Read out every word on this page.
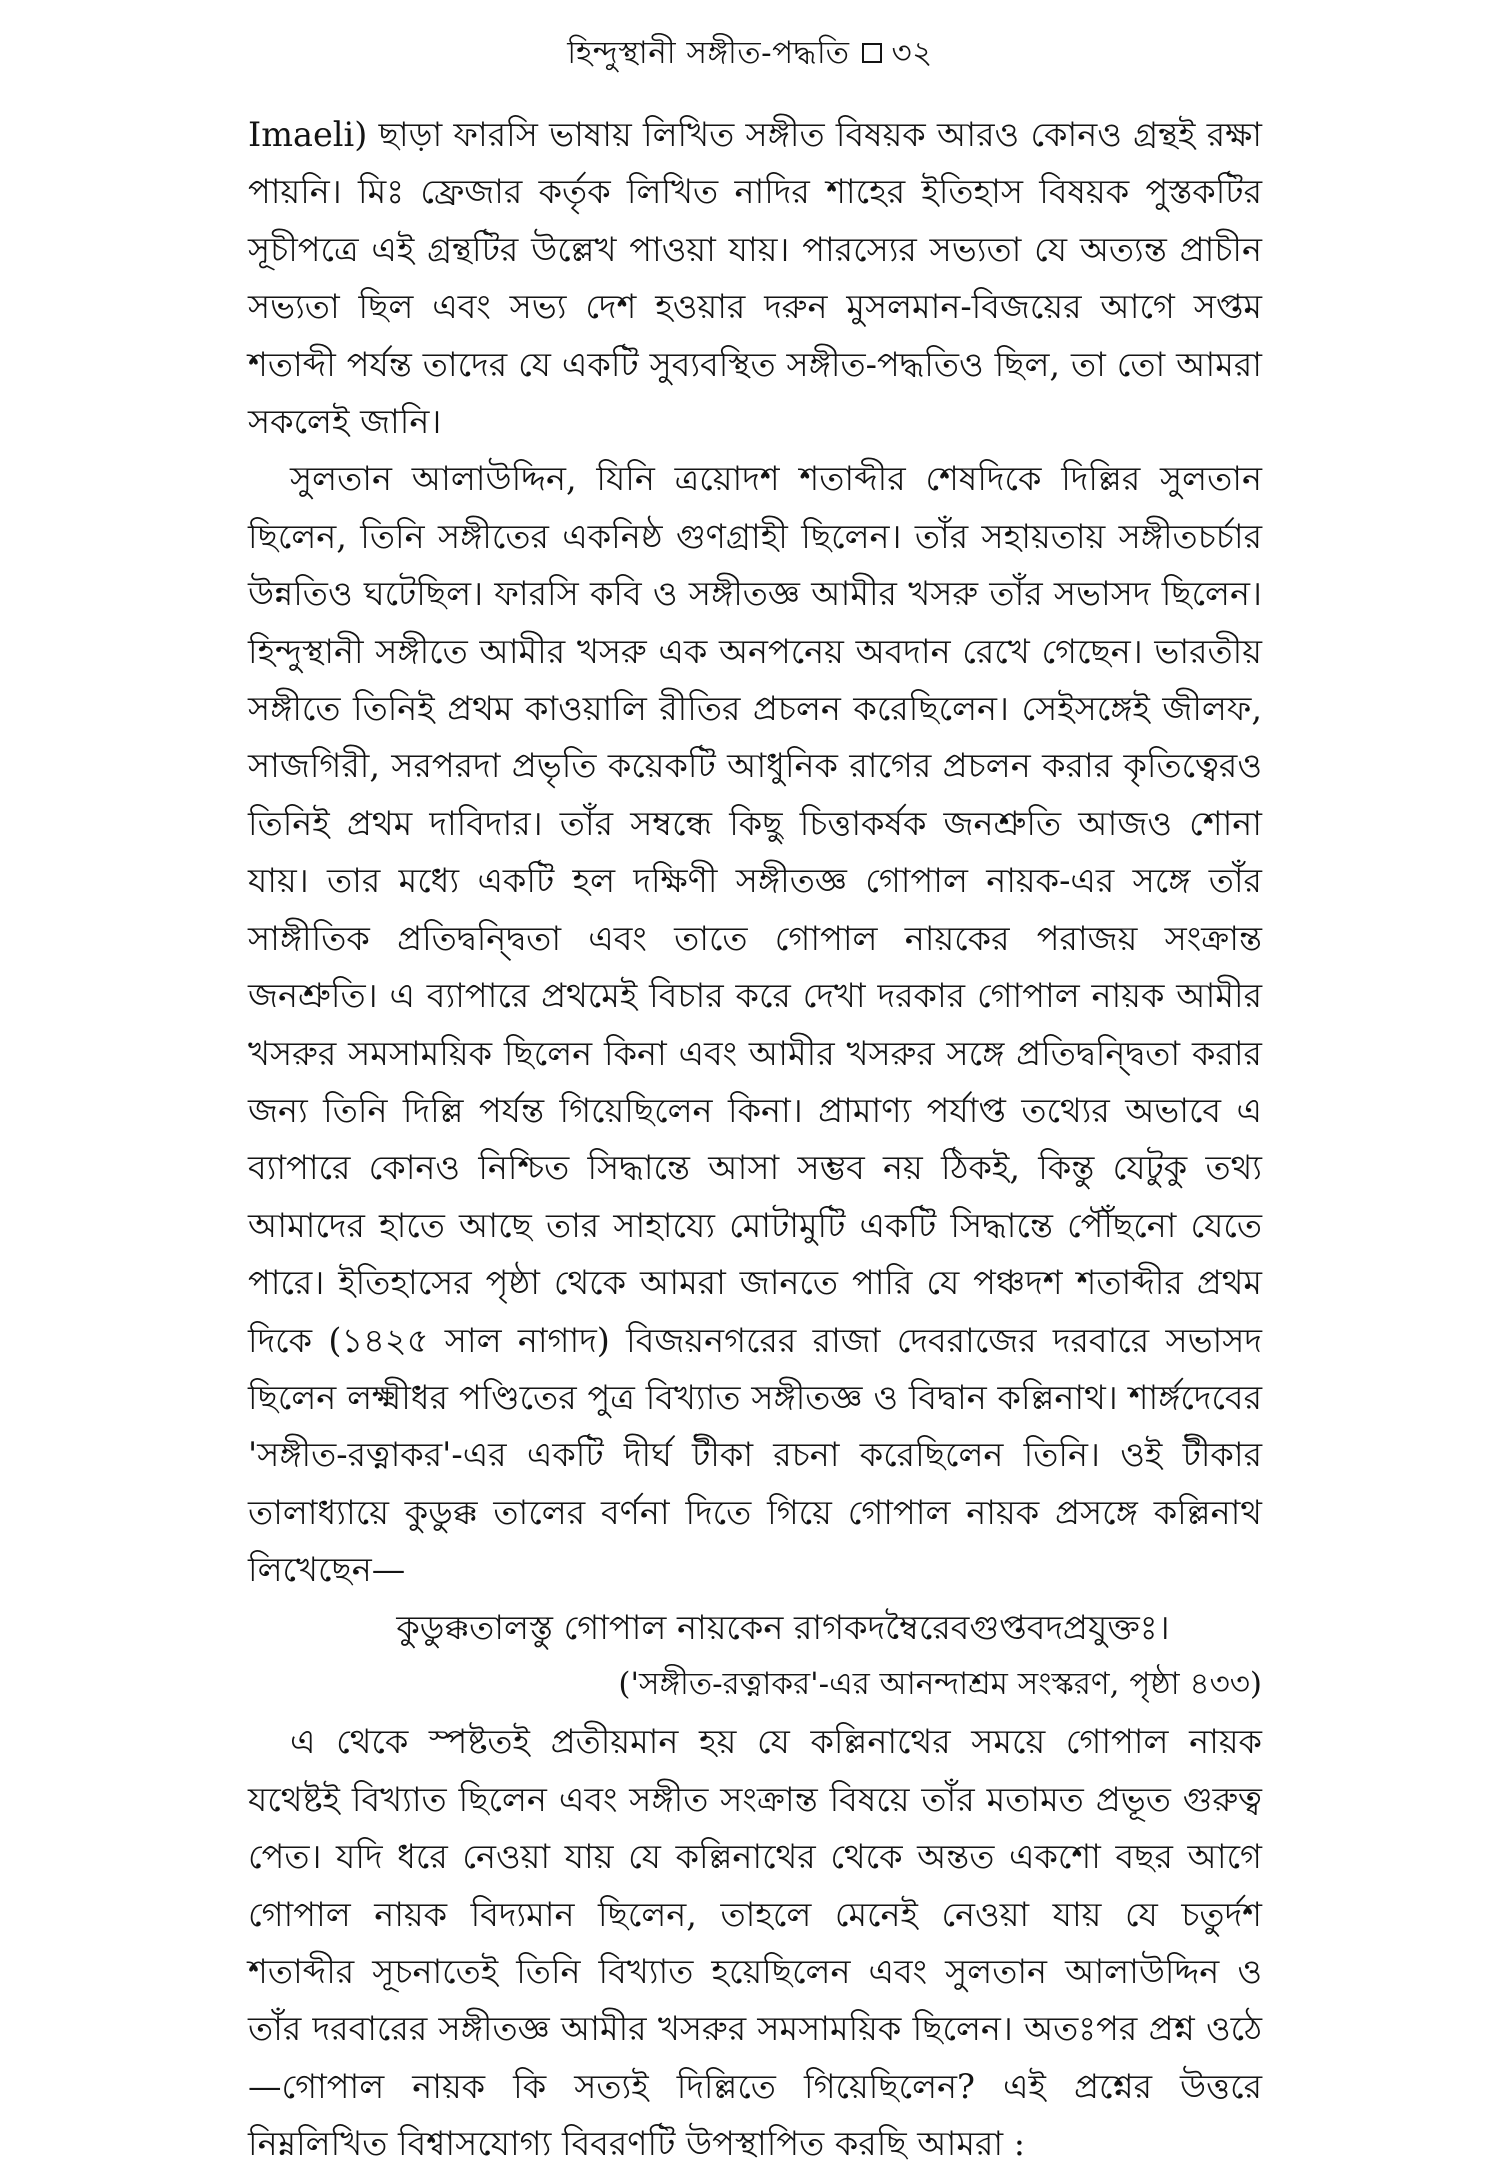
হিন্দুস্থানী সঙ্গীত-পদ্ধতি ৩২

Imaeli) ছাড়া ফারসি ভাষায় লিখিত সঙ্গীত বিষয়ক আরও কোনও গ্রন্থই রক্ষা পায়নি। মিঃ ফ্রেজার কর্তৃক লিখিত নাদির শাহের ইতিহাস বিষয়ক পুস্তকটির সূচীপত্রে এই গ্রন্থটির উল্লেখ পাওয়া যায়। পারস্যের সভ্যতা যে অত্যন্ত প্রাচীন সভ্যতা ছিল এবং সভ্য দেশ হওয়ার দরুন মুসলমান-বিজয়ের আগে সপ্তম শতাব্দী পর্যন্ত তাদের যে একটি সুব্যবস্থিত সঙ্গীত-পদ্ধতিও ছিল, তা তো আমরা সকলেই জানি।

সুলতান আলাউদ্দিন, যিনি ত্রয়োদশ শতাব্দীর শেষদিকে দিল্লির সুলতান ছিলেন, তিনি সঙ্গীতের একনিষ্ঠ গুণগ্রাহী ছিলেন। তাঁর সহায়তায় সঙ্গীতচর্চার উন্নতিও ঘটেছিল। ফারসি কবি ও সঙ্গীতজ্ঞ আমীর খসরু তাঁর সভাসদ ছিলেন। হিন্দুস্থানী সঙ্গীতে আমীর খসরু এক অনপনেয় অবদান রেখে গেছেন। ভারতীয় সঙ্গীতে তিনিই প্রথম কাওয়ালি রীতির প্রচলন করেছিলেন। সেইসঙ্গেই জীলফ, সাজগিরী, সরপরদা প্রভৃতি কয়েকটি আধুনিক রাগের প্রচলন করার কৃতিত্বেরও তিনিই প্রথম দাবিদার। তাঁর সম্বন্ধে কিছু চিত্তাকর্ষক জনশ্রুতি আজও শোনা যায়। তার মধ্যে একটি হল দক্ষিণী সঙ্গীতজ্ঞ গোপাল নায়ক-এর সঙ্গে তাঁর সাঙ্গীতিক প্রতিদ্বন্দ্বিতা এবং তাতে গোপাল নায়কের পরাজয় সংক্রান্ত জনশ্রুতি। এ ব্যাপারে প্রথমেই বিচার করে দেখা দরকার গোপাল নায়ক আমীর খসরুর সমসাময়িক ছিলেন কিনা এবং আমীর খসরুর সঙ্গে প্রতিদ্বন্দ্বিতা করার জন্য তিনি দিল্লি পর্যন্ত গিয়েছিলেন কিনা। প্রামাণ্য পর্যাপ্ত তথ্যের অভাবে এ ব্যাপারে কোনও নিশ্চিত সিদ্ধান্তে আসা সম্ভব নয় ঠিকই, কিন্তু যেটুকু তথ্য আমাদের হাতে আছে তার সাহায্যে মোটামুটি একটি সিদ্ধান্তে পৌঁছনো যেতে পারে। ইতিহাসের পৃষ্ঠা থেকে আমরা জানতে পারি যে পঞ্চদশ শতাব্দীর প্রথম দিকে (১৪২৫ সাল নাগাদ) বিজয়নগরের রাজা দেবরাজের দরবারে সভাসদ ছিলেন লক্ষ্মীধর পণ্ডিতের পুত্র বিখ্যাত সঙ্গীতজ্ঞ ও বিদ্বান কল্লিনাথ। শার্ঙ্গদেবের 'সঙ্গীত-রত্নাকর'-এর একটি দীর্ঘ টীকা রচনা করেছিলেন তিনি। ওই টীকার তালাধ্যায়ে কুডুক্ক তালের বর্ণনা দিতে গিয়ে গোপাল নায়ক প্রসঙ্গে কল্লিনাথ লিখেছেন—

কুডুক্কতালস্তু গোপাল নায়কেন রাগকদম্বৈরেবগুপ্তবদপ্রযুক্তঃ।

('সঙ্গীত-রত্নাকর'-এর আনন্দাশ্রম সংস্করণ, পৃষ্ঠা ৪৩৩)

এ থেকে স্পষ্টতই প্রতীয়মান হয় যে কল্লিনাথের সময়ে গোপাল নায়ক যথেষ্টই বিখ্যাত ছিলেন এবং সঙ্গীত সংক্রান্ত বিষয়ে তাঁর মতামত প্রভূত গুরুত্ব পেত। যদি ধরে নেওয়া যায় যে কল্লিনাথের থেকে অন্তত একশো বছর আগে গোপাল নায়ক বিদ্যমান ছিলেন, তাহলে মেনেই নেওয়া যায় যে চতুর্দশ শতাব্দীর সূচনাতেই তিনি বিখ্যাত হয়েছিলেন এবং সুলতান আলাউদ্দিন ও তাঁর দরবারের সঙ্গীতজ্ঞ আমীর খসরুর সমসাময়িক ছিলেন। অতঃপর প্রশ্ন ওঠে—গোপাল নায়ক কি সত্যই দিল্লিতে গিয়েছিলেন? এই প্রশ্নের উত্তরে নিম্নলিখিত বিশ্বাসযোগ্য বিবরণটি উপস্থাপিত করছি আমরা :
